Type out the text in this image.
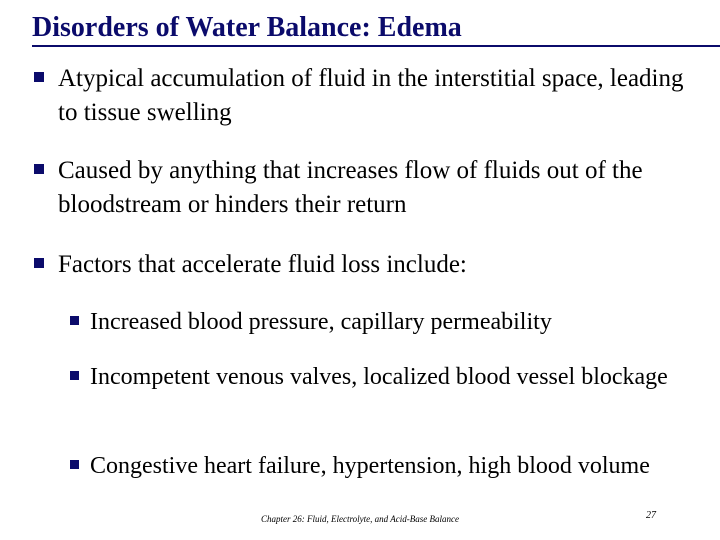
Disorders of Water Balance: Edema
Atypical accumulation of fluid in the interstitial space, leading to tissue swelling
Caused by anything that increases flow of fluids out of the bloodstream or hinders their return
Factors that accelerate fluid loss include:
Increased blood pressure, capillary permeability
Incompetent venous valves, localized blood vessel blockage
Congestive heart failure, hypertension, high blood volume
Chapter 26: Fluid, Electrolyte, and Acid-Base Balance	27
